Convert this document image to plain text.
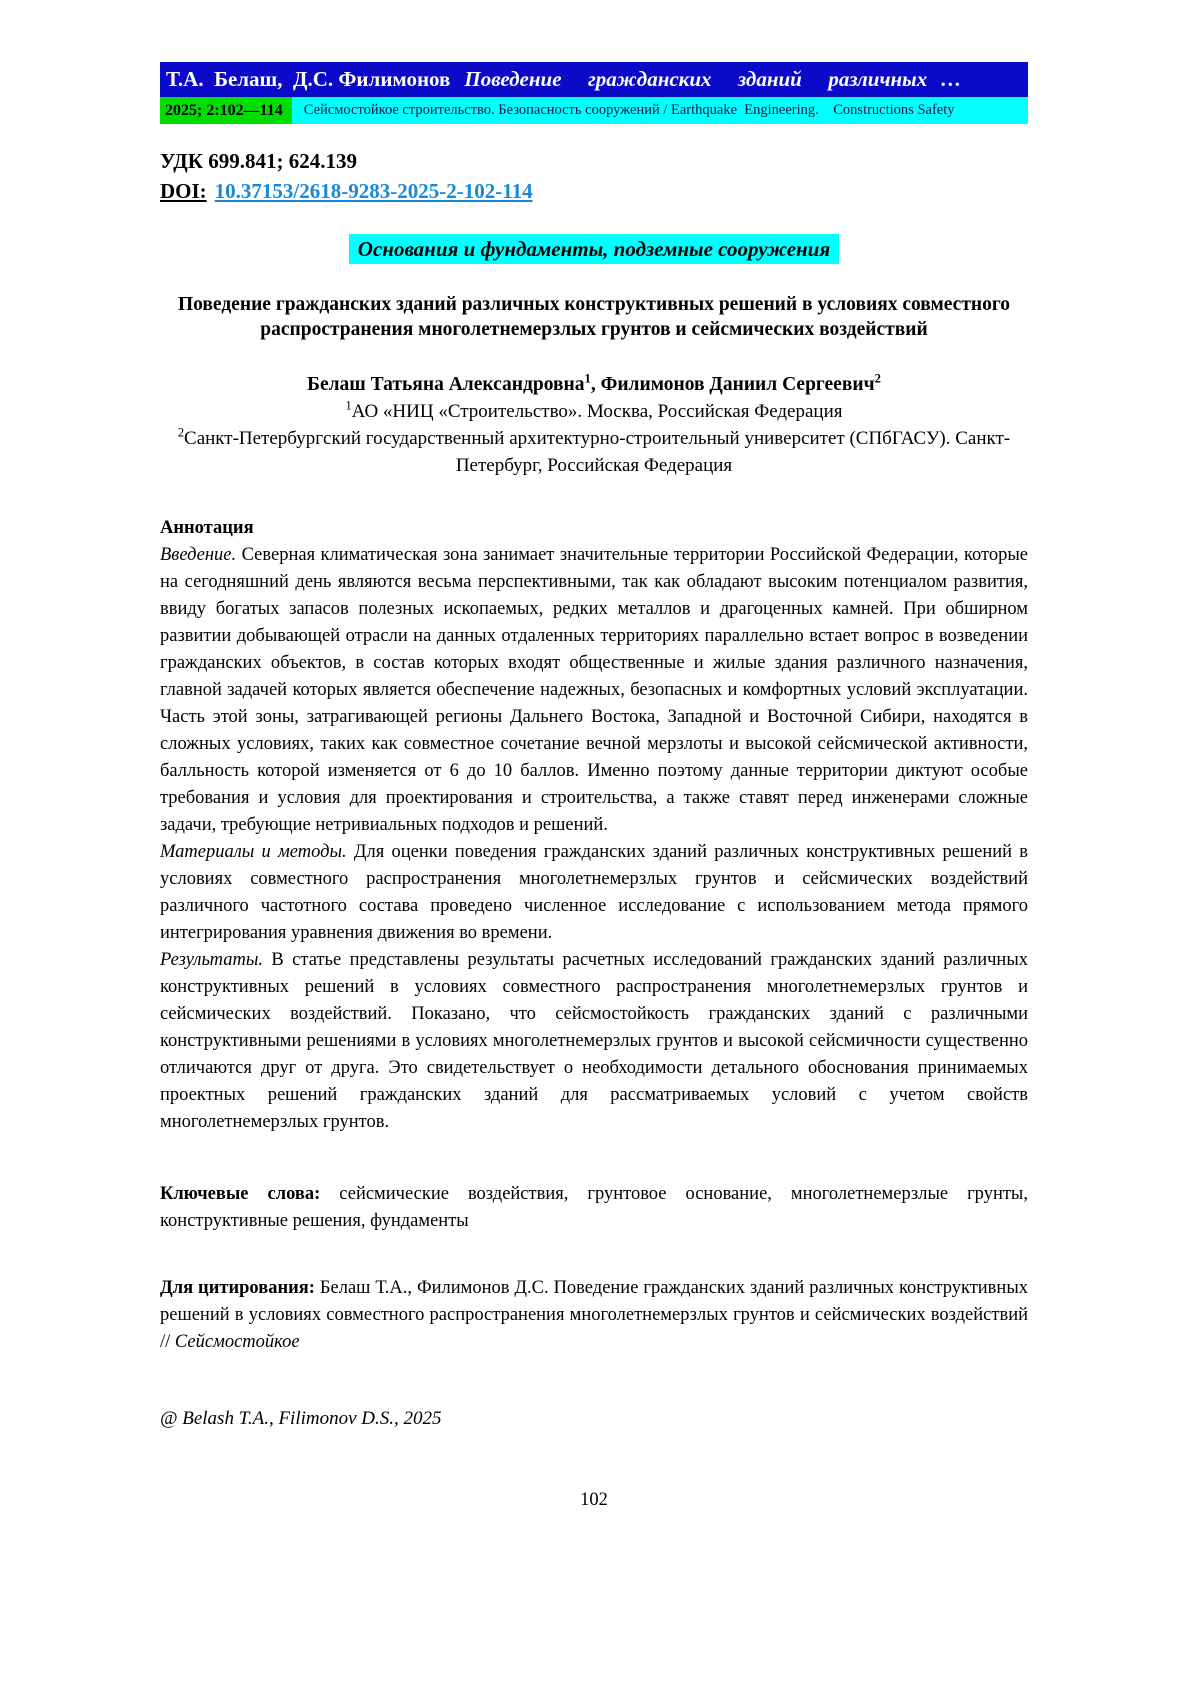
Т.А.  Белаш,  Д.С. Филимонов Поведение  гражданских  зданий  различных …
2025; 2:102—114	Сейсмостойкое строительство. Безопасность сооружений / Earthquake  Engineering.    Constructions Safety
УДК 699.841; 624.139
DOI: 10.37153/2618-9283-2025-2-102-114
Основания и фундаменты, подземные сооружения
Поведение гражданских зданий различных конструктивных решений в условиях совместного распространения многолетнемерзлых грунтов и сейсмических воздействий
Белаш Татьяна Александровна$^1$, Филимонов Даниил Сергеевич$^2$
$^1$АО «НИЦ «Строительство». Москва, Российская Федерация
$^2$Санкт-Петербургский государственный архитектурно-строительный университет (СПбГАСУ). Санкт-Петербург, Российская Федерация
Аннотация

Введение. Северная климатическая зона занимает значительные территории Российской Федерации, которые на сегодняшний день являются весьма перспективными, так как обладают высоким потенциалом развития, ввиду богатых запасов полезных ископаемых, редких металлов и драгоценных камней. При обширном развитии добывающей отрасли на данных отдаленных территориях параллельно встает вопрос в возведении гражданских объектов, в состав которых входят общественные и жилые здания различного назначения, главной задачей которых является обеспечение надежных, безопасных и комфортных условий эксплуатации. Часть этой зоны, затрагивающей регионы Дальнего Востока, Западной и Восточной Сибири, находятся в сложных условиях, таких как совместное сочетание вечной мерзлоты и высокой сейсмической активности, балльность которой изменяется от 6 до 10 баллов. Именно поэтому данные территории диктуют особые требования и условия для проектирования и строительства, а также ставят перед инженерами сложные задачи, требующие нетривиальных подходов и решений.

Материалы и методы. Для оценки поведения гражданских зданий различных конструктивных решений в условиях совместного распространения многолетнемерзлых грунтов и сейсмических воздействий различного частотного состава проведено численное исследование с использованием метода прямого интегрирования уравнения движения во времени.

Результаты. В статье представлены результаты расчетных исследований гражданских зданий различных конструктивных решений в условиях совместного распространения многолетнемерзлых грунтов и сейсмических воздействий. Показано, что сейсмостойкость гражданских зданий с различными конструктивными решениями в условиях многолетнемерзлых грунтов и высокой сейсмичности существенно отличаются друг от друга. Это свидетельствует о необходимости детального обоснования принимаемых проектных решений гражданских зданий для рассматриваемых условий с учетом свойств многолетнемерзлых грунтов.

Ключевые слова: сейсмические воздействия, грунтовое основание, многолетнемерзлые грунты, конструктивные решения, фундаменты

Для цитирования: Белаш Т.А., Филимонов Д.С. Поведение гражданских зданий различных конструктивных решений в условиях совместного распространения многолетнемерзлых грунтов и сейсмических воздействий // Сейсмостойкое

@ Belash T.A., Filimonov D.S., 2025
102
